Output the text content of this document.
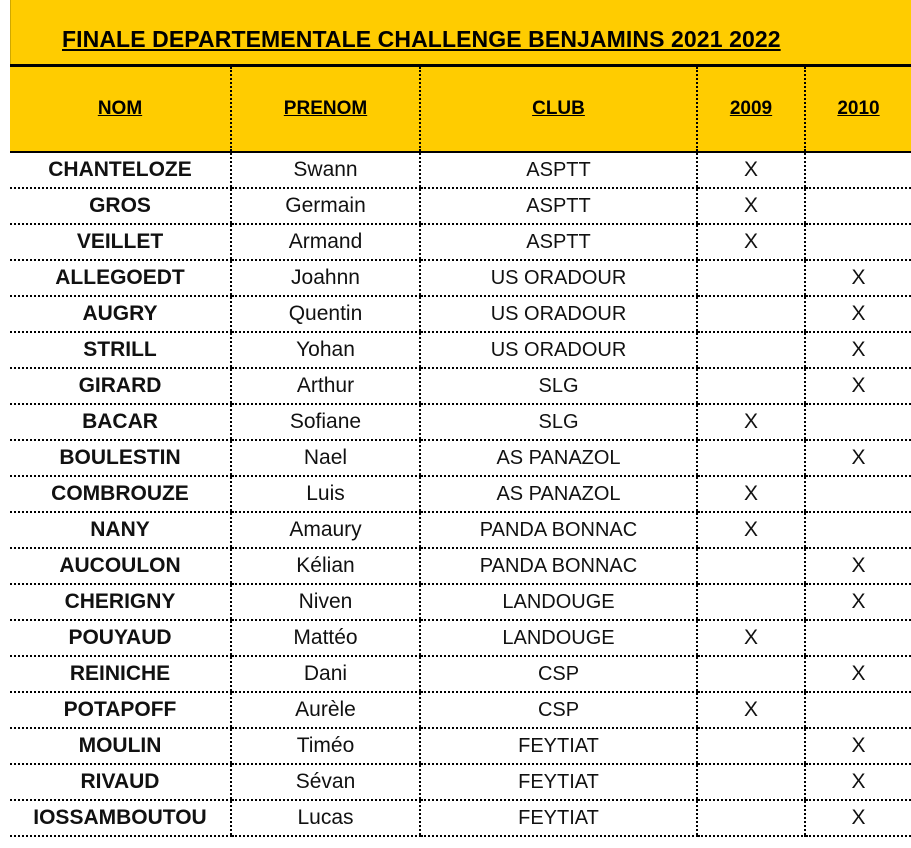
FINALE DEPARTEMENTALE CHALLENGE BENJAMINS 2021 2022
NOM	PRENOM	CLUB	2009	2010
CHANTELOZE	Swann	ASPTT	X	
GROS	Germain	ASPTT	X	
VEILLET	Armand	ASPTT	X	
ALLEGOEDT	Joahnn	US ORADOUR		X
AUGRY	Quentin	US ORADOUR		X
STRILL	Yohan	US ORADOUR		X
GIRARD	Arthur	SLG		X
BACAR	Sofiane	SLG	X	
BOULESTIN	Nael	AS PANAZOL		X
COMBROUZE	Luis	AS PANAZOL	X	
NANY	Amaury	PANDA BONNAC	X	
AUCOULON	Kélian	PANDA BONNAC		X
CHERIGNY	Niven	LANDOUGE		X
POUYAUD	Mattéo	LANDOUGE	X	
REINICHE	Dani	CSP		X
POTAPOFF	Aurèle	CSP	X	
MOULIN	Timéo	FEYTIAT		X
RIVAUD	Sévan	FEYTIAT		X
IOSSAMBOUTOU	Lucas	FEYTIAT		X
